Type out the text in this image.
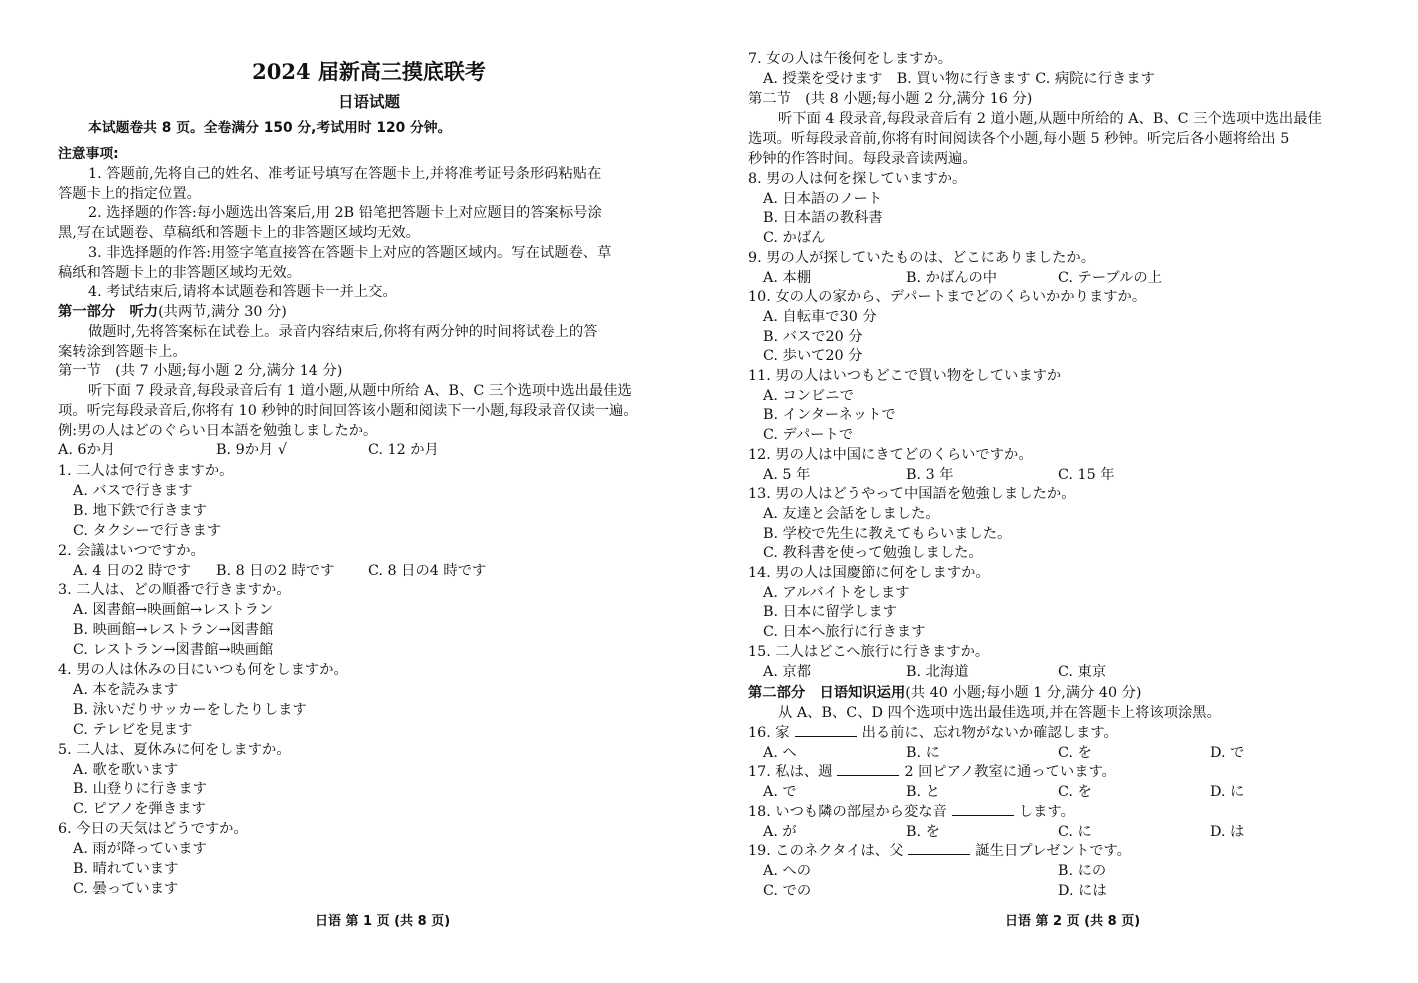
2024 届新高三摸底联考
日语试题
本试题卷共 8 页。全卷满分 150 分,考试用时 120 分钟。
注意事项:
1. 答题前,先将自己的姓名、准考证号填写在答题卡上,并将准考证号条形码粘贴在
答题卡上的指定位置。
2. 选择题的作答:每小题选出答案后,用 2B 铅笔把答题卡上对应题目的答案标号涂
黑,写在试题卷、草稿纸和答题卡上的非答题区域均无效。
3. 非选择题的作答:用签字笔直接答在答题卡上对应的答题区域内。写在试题卷、草
稿纸和答题卡上的非答题区域均无效。
4. 考试结束后,请将本试题卷和答题卡一并上交。
第一部分　听力(共两节,满分 30 分)
做题时,先将答案标在试卷上。录音内容结束后,你将有两分钟的时间将试卷上的答
案转涂到答题卡上。
第一节　(共 7 小题;每小题 2 分,满分 14 分)
听下面 7 段录音,每段录音后有 1 道小题,从题中所给 A、B、C 三个选项中选出最佳选
项。听完每段录音后,你将有 10 秒钟的时间回答该小题和阅读下一小题,每段录音仅读一遍。
例:男の人はどのぐらい日本語を勉強しましたか。
A. 6か月	B. 9か月 √	C. 12 か月
1. 二人は何で行きますか。
A. バスで行きます
B. 地下鉄で行きます
C. タクシーで行きます
2. 会議はいつですか。
A. 4 日の2 時です B. 8 日の2 時です C. 8 日の4 時です
3. 二人は、どの順番で行きますか。
A. 図書館→映画館→レストラン
B. 映画館→レストラン→図書館
C. レストラン→図書館→映画館
4. 男の人は休みの日にいつも何をしますか。
A. 本を読みます
B. 泳いだりサッカーをしたりします
C. テレビを見ます
5. 二人は、夏休みに何をしますか。
A. 歌を歌います
B. 山登りに行きます
C. ピアノを弾きます
6. 今日の天気はどうですか。
A. 雨が降っています
B. 晴れています
C. 曇っています
日语 第 1 页 (共 8 页)
7. 女の人は午後何をしますか。
A. 授業を受けます　B. 買い物に行きます C. 病院に行きます
第二节　(共 8 小题;每小题 2 分,满分 16 分)
听下面 4 段录音,每段录音后有 2 道小题,从题中所给的 A、B、C 三个选项中选出最佳
选项。听每段录音前,你将有时间阅读各个小题,每小题 5 秒钟。听完后各小题将给出 5
秒钟的作答时间。每段录音读两遍。
8. 男の人は何を探していますか。
A. 日本語のノート
B. 日本語の教科書
C. かばん
9. 男の人が探していたものは、どこにありましたか。
A. 本棚	B. かばんの中	C. テーブルの上
10. 女の人の家から、デパートまでどのくらいかかりますか。
A. 自転車で30 分
B. バスで20 分
C. 歩いて20 分
11. 男の人はいつもどこで買い物をしていますか
A. コンビニで
B. インターネットで
C. デパートで
12. 男の人は中国にきてどのくらいですか。
A. 5 年	B. 3 年	C. 15 年
13. 男の人はどうやって中国語を勉強しましたか。
A. 友達と会話をしました。
B. 学校で先生に教えてもらいました。
C. 教科書を使って勉強しました。
14. 男の人は国慶節に何をしますか。
A. アルバイトをします
B. 日本に留学します
C. 日本へ旅行に行きます
15. 二人はどこへ旅行に行きますか。
A. 京都	B. 北海道	C. 東京
第二部分　日语知识运用(共 40 小题;每小题 1 分,满分 40 分)
从 A、B、C、D 四个选项中选出最佳选项,并在答题卡上将该项涂黑。
16. 家	出る前に、忘れ物がないか確認します。
A. へ	B. に	C. を	D. で
17. 私は、週	2 回ピアノ教室に通っています。
A. で	B. と	C. を	D. に
18. いつも隣の部屋から変な音	します。
A. が	B. を	C. に	D. は
19. このネクタイは、父	誕生日プレゼントです。
A. への	B. にの
C. での	D. には
日语 第 2 页 (共 8 页)
